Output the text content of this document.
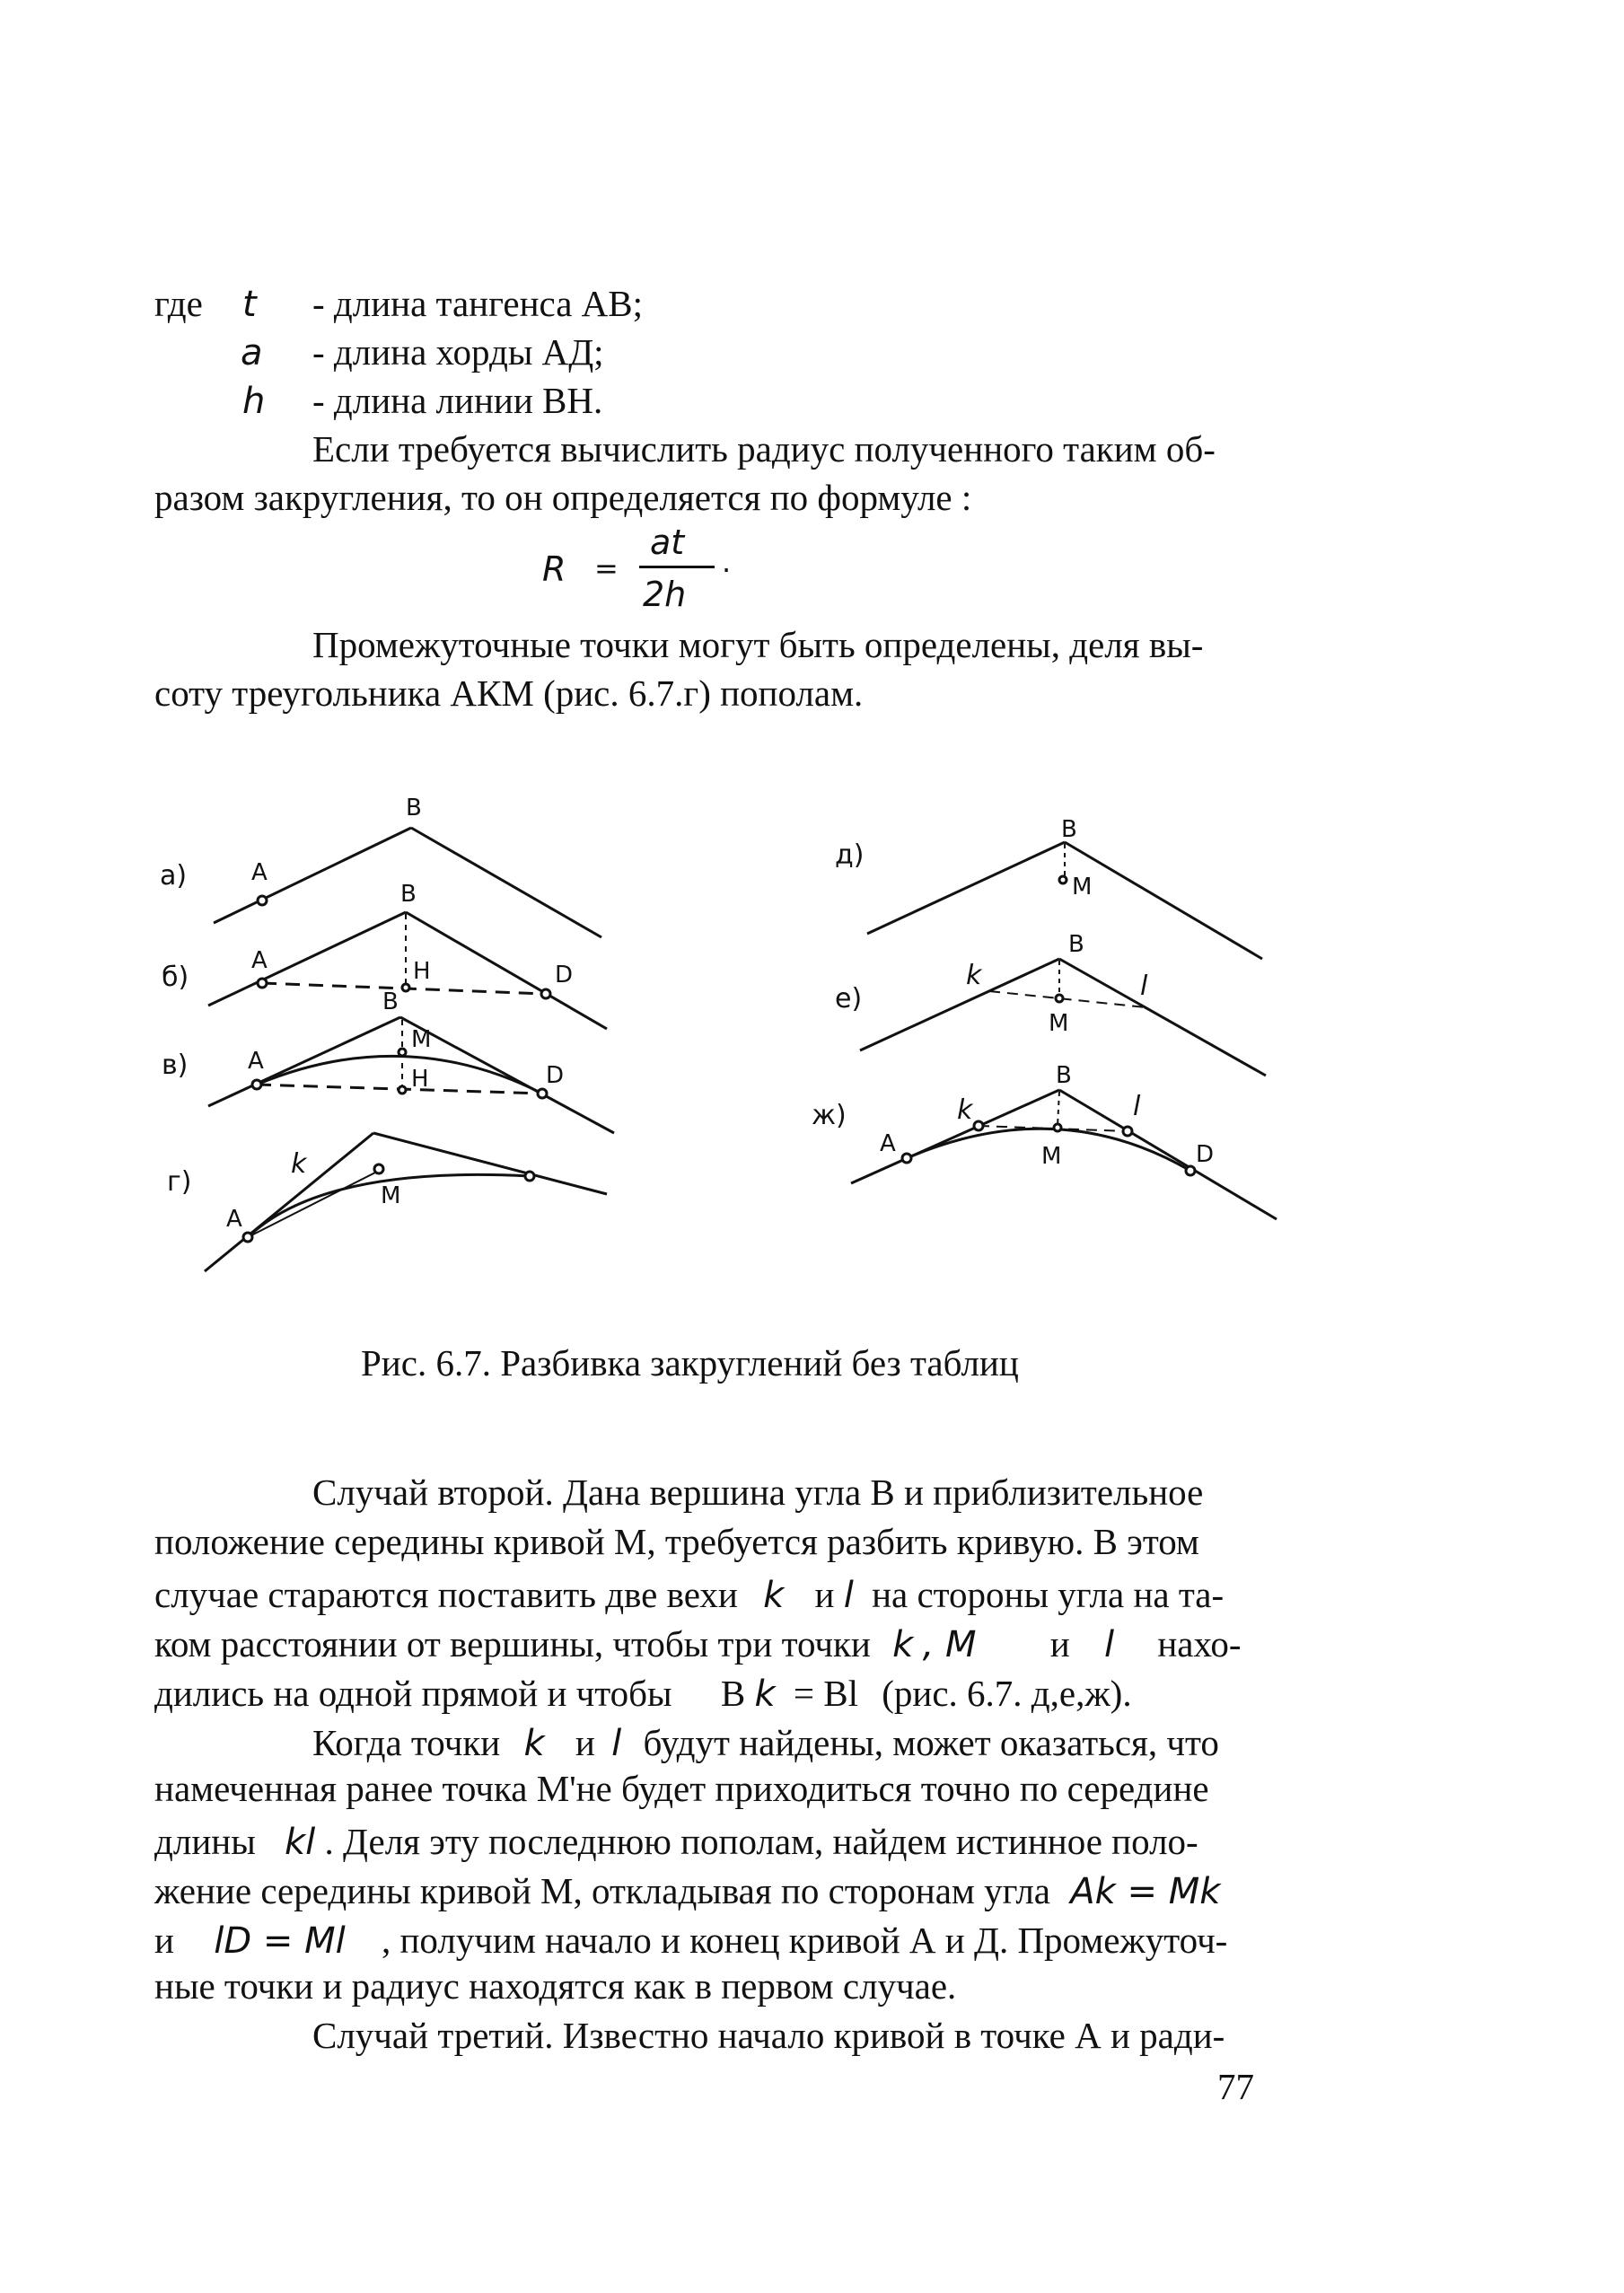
где t - длина тангенса АВ;
a - длина хорды АД;
h - длина линии ВН.
Если требуется вычислить радиус полученного таким об-
разом закругления, то он определяется по формуле :
R =
at
2h
·
Промежуточные точки могут быть определены, деля вы-
соту треугольника АКМ (рис. 6.7.г) пополам.
a)	A
B
б)
A
B
H	D
в)	A
B
M
H	D
г)
k
A
M
д)
B
M
е)
B
k	l
M
ж)
B
k	l
A	M	D
Рис. 6.7. Разбивка закруглений без таблиц
Случай второй. Дана вершина угла В и приблизительное
положение середины кривой М, требуется разбить кривую. В этом
случае стараются поставить две вехи k и l на стороны угла на та-
ком расстоянии от вершины, чтобы три точки k , M и l нахо-
дились на одной прямой и чтобы B k = Bl (рис. 6.7. д,е,ж).
Когда точки k и l будут найдены, может оказаться, что
намеченная ранее точка М'не будет приходиться точно по середине
длины kl . Деля эту последнюю пополам, найдем истинное поло-
жение середины кривой М, откладывая по сторонам угла Ak = Mk
и lD = Ml , получим начало и конец кривой А и Д. Промежуточ-
ные точки и радиус находятся как в первом случае.
Случай третий. Известно начало кривой в точке А и ради-
77
